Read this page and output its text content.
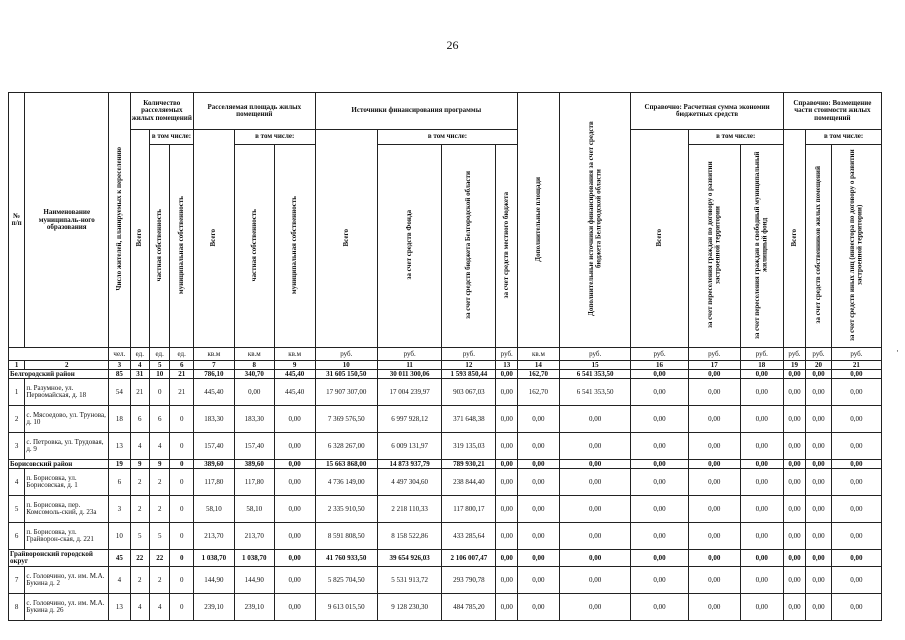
26
·
№ п/п	Наименование муниципаль-ного образования	Число жителей, планируемых к переселению	Количество расселяемых жилых помещений			Расселяемая площадь жилых помещений			Источники финансирования программы				Дополнительные площади	Дополнительные источники финансирования за счет средств бюджета Белгородской области	Справочно: Расчетная сумма экономии бюджетных средств			Справочно: Возмещение части стоимости жилых помещений		
			Всего	в том числе:		Всего	в том числе:		Всего	в том числе:					Всего	в том числе:		Всего	в том числе:	
				частная собственность	муниципальная собственность		частная собственность	муниципальная собственность		за счет средств Фонда	за счет средств бюджета Белгородской области	за счет средств местного бюджета				за счет переселения граждан по договору о развитии застроенной территории	за счет переселения граждан в свободный муниципальный жилищный фонд		за счет средств собственников жилых помещений	за счет средств иных лиц (инвестора по договору о развитии застроенной территории)
		чел.	ед.	ед.	ед.	кв.м	кв.м	кв.м	руб.	руб.	руб.	руб.	кв.м	руб.	руб.	руб.	руб.	руб.	руб.	руб.
1	2	3	4	5	6	7	8	9	10	11	12	13	14	15	16	17	18	19	20	21
Белгородский район		85	31	10	21	786,10	340,70	445,40	31 605 150,50	30 011 300,06	1 593 850,44	0,00	162,70	6 541 353,50	0,00	0,00	0,00	0,00	0,00	0,00
1	п. Разумное, ул. Первомайская, д. 18	54	21	0	21	445,40	0,00	445,40	17 907 307,00	17 004 239,97	903 067,03	0,00	162,70	6 541 353,50	0,00	0,00	0,00	0,00	0,00	0,00
2	с. Мясоедово, ул. Трунова, д. 10	18	6	6	0	183,30	183,30	0,00	7 369 576,50	6 997 928,12	371 648,38	0,00	0,00	0,00	0,00	0,00	0,00	0,00	0,00	0,00
3	с. Петровка, ул. Трудовая, д. 9	13	4	4	0	157,40	157,40	0,00	6 328 267,00	6 009 131,97	319 135,03	0,00	0,00	0,00	0,00	0,00	0,00	0,00	0,00	0,00
Борисовский район		19	9	9	0	389,60	389,60	0,00	15 663 868,00	14 873 937,79	789 930,21	0,00	0,00	0,00	0,00	0,00	0,00	0,00	0,00	0,00
4	п. Борисовка, ул. Борисовская, д. 1	6	2	2	0	117,80	117,80	0,00	4 736 149,00	4 497 304,60	238 844,40	0,00	0,00	0,00	0,00	0,00	0,00	0,00	0,00	0,00
5	п. Борисовка, пер. Комсомоль-ский, д. 23а	3	2	2	0	58,10	58,10	0,00	2 335 910,50	2 218 110,33	117 800,17	0,00	0,00	0,00	0,00	0,00	0,00	0,00	0,00	0,00
6	п. Борисовка, ул. Грайворон-ская, д. 221	10	5	5	0	213,70	213,70	0,00	8 591 808,50	8 158 522,86	433 285,64	0,00	0,00	0,00	0,00	0,00	0,00	0,00	0,00	0,00
Грайворонский городской округ		45	22	22	0	1 038,70	1 038,70	0,00	41 760 933,50	39 654 926,03	2 106 007,47	0,00	0,00	0,00	0,00	0,00	0,00	0,00	0,00	0,00
7	с. Головчино, ул. им. М.А. Букина д. 2	4	2	2	0	144,90	144,90	0,00	5 825 704,50	5 531 913,72	293 790,78	0,00	0,00	0,00	0,00	0,00	0,00	0,00	0,00	0,00
8	с. Головчино, ул. им. М.А. Букина д. 26	13	4	4	0	239,10	239,10	0,00	9 613 015,50	9 128 230,30	484 785,20	0,00	0,00	0,00	0,00	0,00	0,00	0,00	0,00	0,00
